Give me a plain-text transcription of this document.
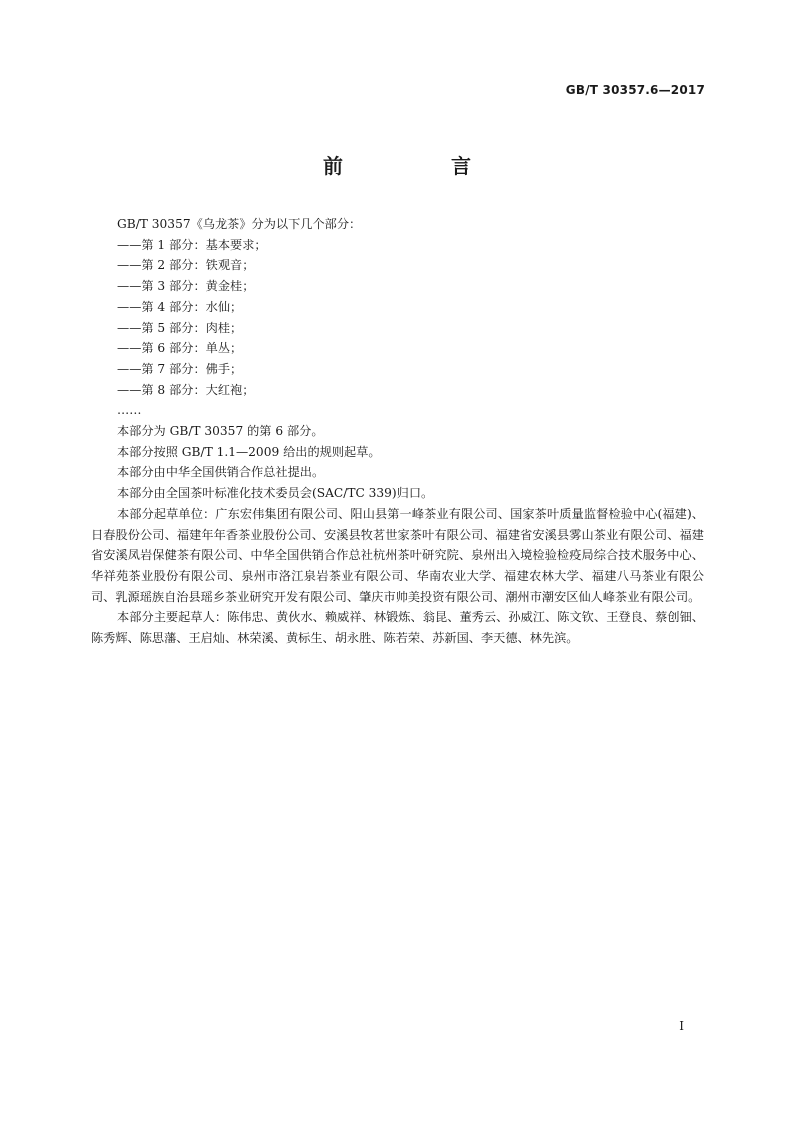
GB/T 30357.6—2017
前　言

GB/T 30357《乌龙茶》分为以下几个部分：

——第 1 部分：基本要求；

——第 2 部分：铁观音；

——第 3 部分：黄金桂；

——第 4 部分：水仙；

——第 5 部分：肉桂；

——第 6 部分：单丛；

——第 7 部分：佛手；

——第 8 部分：大红袍；

……

本部分为 GB/T 30357 的第 6 部分。

本部分按照 GB/T 1.1—2009 给出的规则起草。

本部分由中华全国供销合作总社提出。

本部分由全国茶叶标准化技术委员会(SAC/TC 339)归口。

本部分起草单位：广东宏伟集团有限公司、阳山县第一峰茶业有限公司、国家茶叶质量监督检验中心(福建)、日春股份公司、福建年年香茶业股份公司、安溪县牧茗世家茶叶有限公司、福建省安溪县雾山茶业有限公司、福建省安溪凤岩保健茶有限公司、中华全国供销合作总社杭州茶叶研究院、泉州出入境检验检疫局综合技术服务中心、华祥苑茶业股份有限公司、泉州市洛江泉岩茶业有限公司、华南农业大学、福建农林大学、福建八马茶业有限公司、乳源瑶族自治县瑶乡茶业研究开发有限公司、肇庆市帅美投资有限公司、潮州市潮安区仙人峰茶业有限公司。

本部分主要起草人：陈伟忠、黄伙水、赖威祥、林锻炼、翁昆、董秀云、孙威江、陈文钦、王登良、蔡创钿、陈秀辉、陈思藩、王启灿、林荣溪、黄标生、胡永胜、陈若荣、苏新国、李天德、林先滨。

I
